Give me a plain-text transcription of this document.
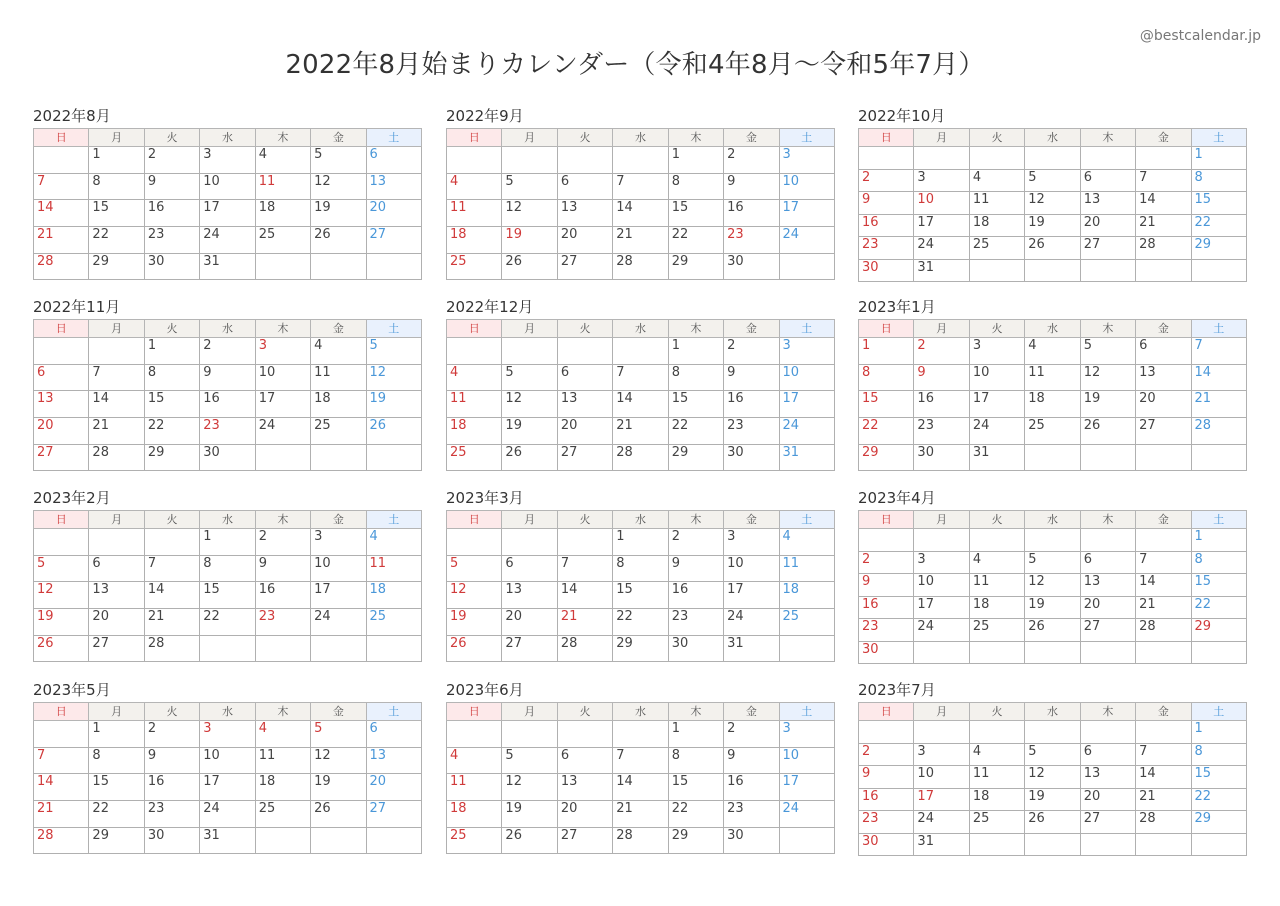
2022年8月始まりカレンダー（令和4年8月〜令和5年7月）
@bestcalendar.jp
2022年8月
日	月	火	水	木	金	土
	1	2	3	4	5	6
7	8	9	10	11	12	13
14	15	16	17	18	19	20
21	22	23	24	25	26	27
28	29	30	31			
2022年9月
日	月	火	水	木	金	土
				1	2	3
4	5	6	7	8	9	10
11	12	13	14	15	16	17
18	19	20	21	22	23	24
25	26	27	28	29	30	
2022年10月
日	月	火	水	木	金	土
						1
2	3	4	5	6	7	8
9	10	11	12	13	14	15
16	17	18	19	20	21	22
23	24	25	26	27	28	29
30	31					
2022年11月
日	月	火	水	木	金	土
		1	2	3	4	5
6	7	8	9	10	11	12
13	14	15	16	17	18	19
20	21	22	23	24	25	26
27	28	29	30			
2022年12月
日	月	火	水	木	金	土
				1	2	3
4	5	6	7	8	9	10
11	12	13	14	15	16	17
18	19	20	21	22	23	24
25	26	27	28	29	30	31
2023年1月
日	月	火	水	木	金	土
1	2	3	4	5	6	7
8	9	10	11	12	13	14
15	16	17	18	19	20	21
22	23	24	25	26	27	28
29	30	31				
2023年2月
日	月	火	水	木	金	土
			1	2	3	4
5	6	7	8	9	10	11
12	13	14	15	16	17	18
19	20	21	22	23	24	25
26	27	28				
2023年3月
日	月	火	水	木	金	土
			1	2	3	4
5	6	7	8	9	10	11
12	13	14	15	16	17	18
19	20	21	22	23	24	25
26	27	28	29	30	31	
2023年4月
日	月	火	水	木	金	土
						1
2	3	4	5	6	7	8
9	10	11	12	13	14	15
16	17	18	19	20	21	22
23	24	25	26	27	28	29
30						
2023年5月
日	月	火	水	木	金	土
	1	2	3	4	5	6
7	8	9	10	11	12	13
14	15	16	17	18	19	20
21	22	23	24	25	26	27
28	29	30	31			
2023年6月
日	月	火	水	木	金	土
				1	2	3
4	5	6	7	8	9	10
11	12	13	14	15	16	17
18	19	20	21	22	23	24
25	26	27	28	29	30	
2023年7月
日	月	火	水	木	金	土
						1
2	3	4	5	6	7	8
9	10	11	12	13	14	15
16	17	18	19	20	21	22
23	24	25	26	27	28	29
30	31					
